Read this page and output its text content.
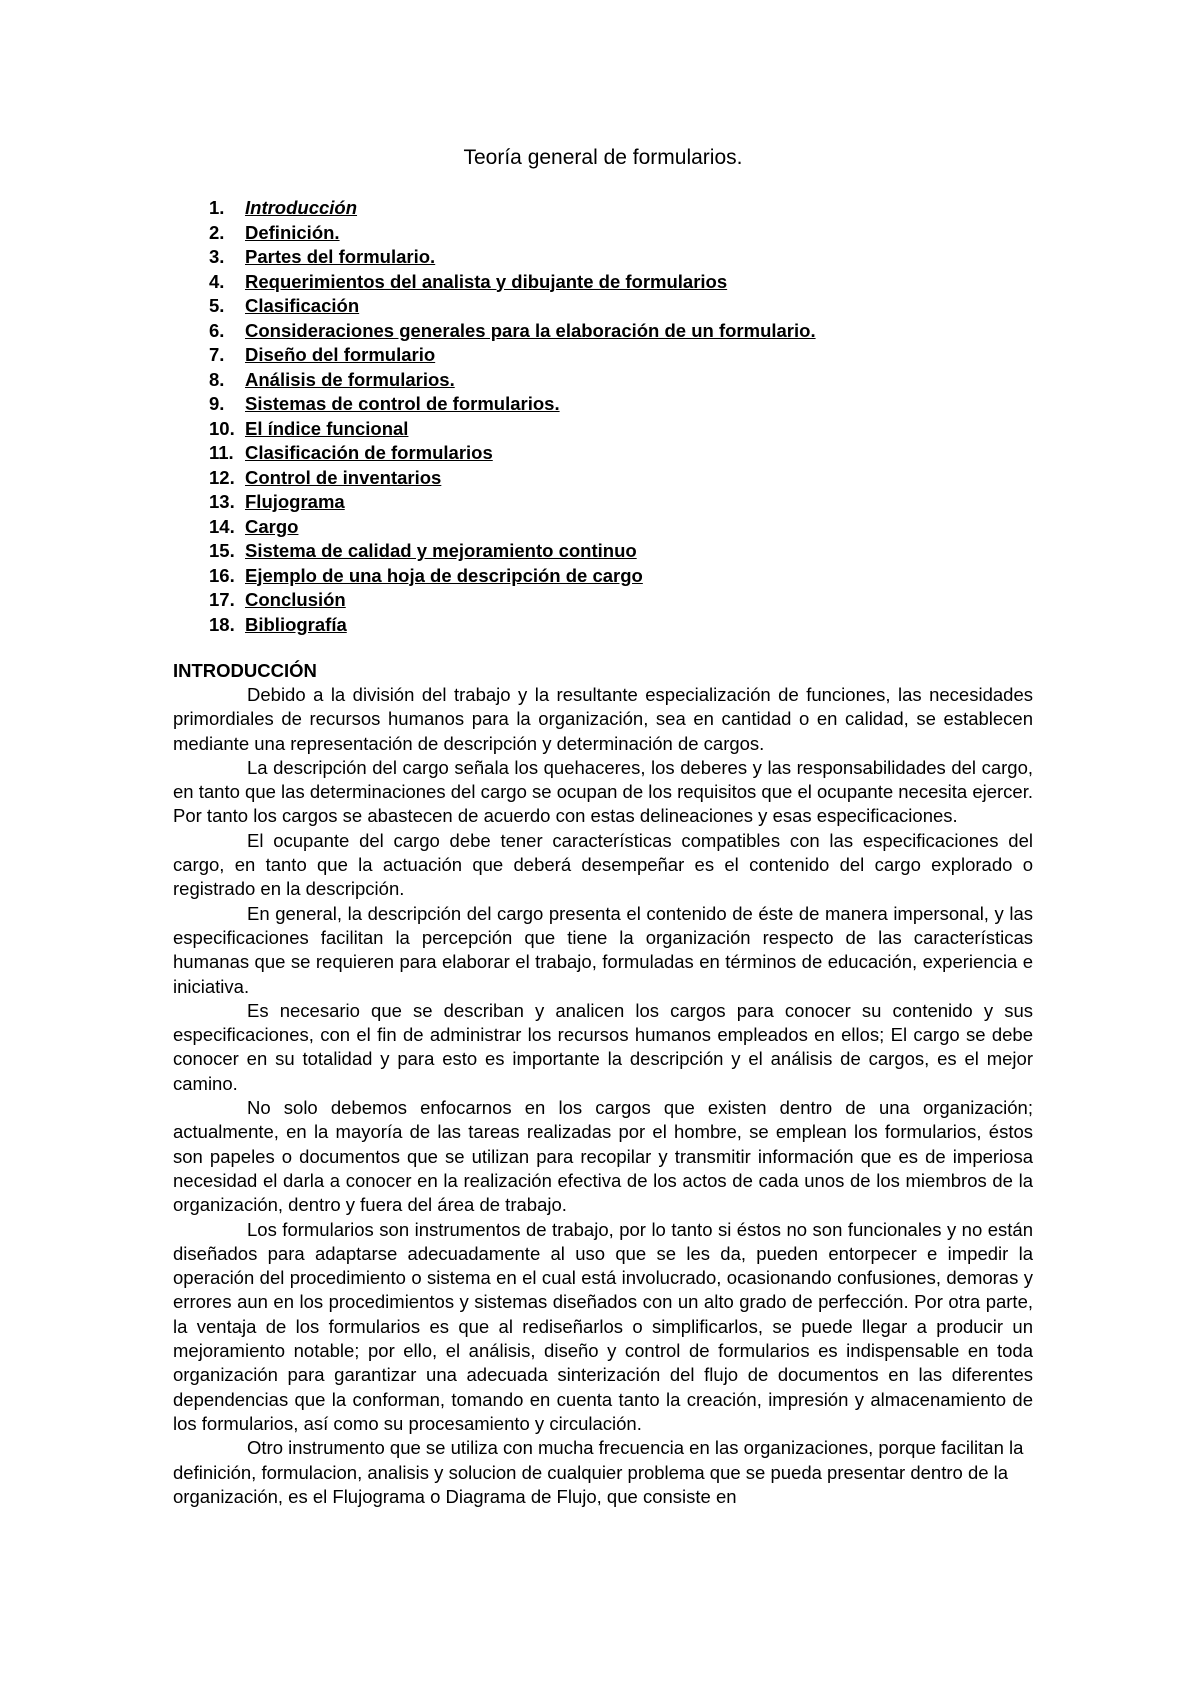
Teoría general de formularios.
1. Introducción
2. Definición.
3. Partes del formulario.
4. Requerimientos del analista y dibujante de formularios
5. Clasificación
6. Consideraciones generales para la elaboración de un formulario.
7. Diseño del formulario
8. Análisis de formularios.
9. Sistemas de control de formularios.
10. El índice funcional
11. Clasificación de formularios
12. Control de inventarios
13. Flujograma
14. Cargo
15. Sistema de calidad y mejoramiento continuo
16. Ejemplo de una hoja de descripción de cargo
17. Conclusión
18. Bibliografía
INTRODUCCIÓN

Debido a la división del trabajo y la resultante especialización de funciones, las necesidades primordiales de recursos humanos para la organización, sea en cantidad o en calidad, se establecen mediante una representación de descripción y determinación de cargos.

La descripción del cargo señala los quehaceres, los deberes y las responsabilidades del cargo, en tanto que las determinaciones del cargo se ocupan de los requisitos que el ocupante necesita ejercer. Por tanto los cargos se abastecen de acuerdo con estas delineaciones y esas especificaciones.

El ocupante del cargo debe tener características compatibles con las especificaciones del cargo, en tanto que la actuación que deberá desempeñar es el contenido del cargo explorado o registrado en la descripción.

En general, la descripción del cargo presenta el contenido de éste de manera impersonal, y las especificaciones facilitan la percepción que tiene la organización respecto de las características humanas que se requieren para elaborar el trabajo, formuladas en términos de educación, experiencia e iniciativa.

Es necesario que se describan y analicen los cargos para conocer su contenido y sus especificaciones, con el fin de administrar los recursos humanos empleados en ellos; El cargo se debe conocer en su totalidad y para esto es importante la descripción y el análisis de cargos, es el mejor camino.

No solo debemos enfocarnos en los cargos que existen dentro de una organización; actualmente, en la mayoría de las tareas realizadas por el hombre, se emplean los formularios, éstos son papeles o documentos que se utilizan para recopilar y transmitir información que es de imperiosa necesidad el darla a conocer en la realización efectiva de los actos de cada unos de los miembros de la organización, dentro y fuera del área de trabajo.

Los formularios son instrumentos de trabajo, por lo tanto si éstos no son funcionales y no están diseñados para adaptarse adecuadamente al uso que se les da, pueden entorpecer e impedir la operación del procedimiento o sistema en el cual está involucrado, ocasionando confusiones, demoras y errores aun en los procedimientos y sistemas diseñados con un alto grado de perfección. Por otra parte, la ventaja de los formularios es que al rediseñarlos o simplificarlos, se puede llegar a producir un mejoramiento notable; por ello, el análisis, diseño y control de formularios es indispensable en toda organización para garantizar una adecuada sinterización del flujo de documentos en las diferentes dependencias que la conforman, tomando en cuenta tanto la creación, impresión y almacenamiento de los formularios, así como su procesamiento y circulación.

Otro instrumento que se utiliza con mucha frecuencia en las organizaciones, porque facilitan la definición, formulacion, analisis y solucion de cualquier problema que se pueda presentar dentro de la organización, es el Flujograma o Diagrama de Flujo, que consiste en
